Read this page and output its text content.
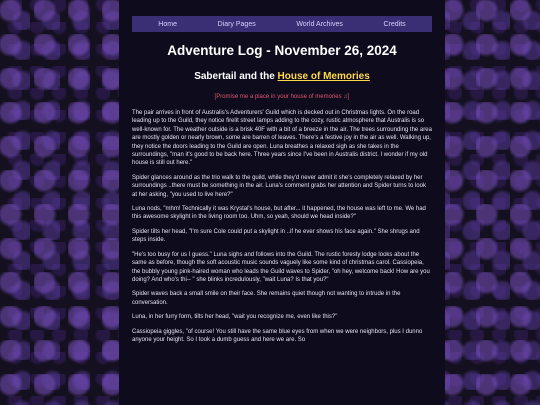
Home	Diary Pages	World Archives	Credits
Adventure Log - November 26, 2024
Sabertail and the House of Memories

[Promise me a place in your house of memories ♫]

The pair arrives in front of Australis's Adventurers' Guild which is decked out in Christmas lights. On the road leading up to the Guild, they notice firelit street lamps adding to the cozy, rustic atmosphere that Australis is so well-known for. The weather outside is a brisk 40F with a bit of a breeze in the air. The trees surrounding the area are mostly golden or nearly brown, some are barren of leaves. There's a festive joy in the air as well. Walking up, they notice the doors leading to the Guild are open. Luna breathes a relaxed sigh as she takes in the surroundings, "man it's good to be back here. Three years since I've been in Australis district. I wonder if my old house is still out here."

Spider glances around as the trio walk to the guild, while they'd never admit it she's completely relaxed by her surroundings ..there must be something in the air. Luna's comment grabs her attention and Spider turns to look at her asking, "you used to live here?"

Luna nods, "mhm! Technically it was Krystal's house, but after... it happened, the house was left to me. We had this awesome skylight in the living room too. Uhm, so yeah, should we head inside?"

Spider tilts her head, "I'm sure Cole could put a skylight in ..if he ever shows his face again." She shrugs and steps inside.

"He's too busy for us I guess." Luna sighs and follows into the Guild. The rustic foresty lodge looks about the same as before, though the soft acoustic music sounds vaguely like some kind of christmas carol. Cassiopeia, the bubbly young pink-haired woman who leads the Guild waves to Spider, "oh hey, welcome back! How are you doing? And who's thi-- " she blinks incredulously, "wait Luna? Is that you?"

Spider waves back a small smile on their face. She remains quiet though not wanting to intrude in the conversation.

Luna, in her furry form, tilts her head, "wait you recognize me, even like this?"

Cassiopeia giggles, "of course! You still have the same blue eyes from when we were neighbors, plus I dunno anyone your height. So I took a dumb guess and here we are. So
